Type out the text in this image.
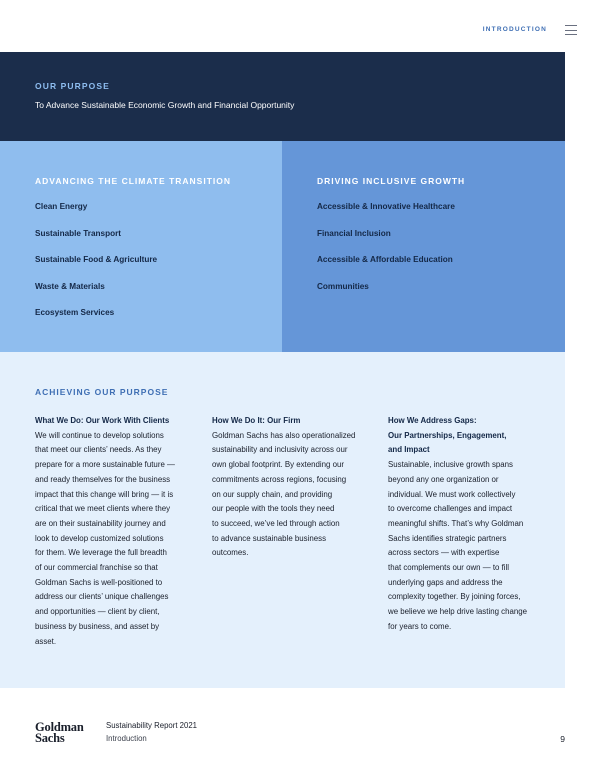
INTRODUCTION
OUR PURPOSE
To Advance Sustainable Economic Growth and Financial Opportunity
ADVANCING THE CLIMATE TRANSITION
Clean Energy
Sustainable Transport
Sustainable Food & Agriculture
Waste & Materials
Ecosystem Services
DRIVING INCLUSIVE GROWTH
Accessible & Innovative Healthcare
Financial Inclusion
Accessible & Affordable Education
Communities
ACHIEVING OUR PURPOSE
What We Do: Our Work With Clients
We will continue to develop solutions
that meet our clients’ needs. As they
prepare for a more sustainable future —
and ready themselves for the business
impact that this change will bring — it is
critical that we meet clients where they
are on their sustainability journey and
look to develop customized solutions
for them. We leverage the full breadth
of our commercial franchise so that
Goldman Sachs is well-positioned to
address our clients’ unique challenges
and opportunities — client by client,
business by business, and asset by
asset.
How We Do It: Our Firm
Goldman Sachs has also operationalized
sustainability and inclusivity across our
own global footprint. By extending our
commitments across regions, focusing
on our supply chain, and providing
our people with the tools they need
to succeed, we’ve led through action
to advance sustainable business
outcomes.
How We Address Gaps:
Our Partnerships, Engagement,
and Impact
Sustainable, inclusive growth spans
beyond any one organization or
individual. We must work collectively
to overcome challenges and impact
meaningful shifts. That’s why Goldman
Sachs identifies strategic partners
across sectors — with expertise
that complements our own — to fill
underlying gaps and address the
complexity together. By joining forces,
we believe we help drive lasting change
for years to come.
Goldman
Sachs
Sustainability Report 2021
Introduction	9
